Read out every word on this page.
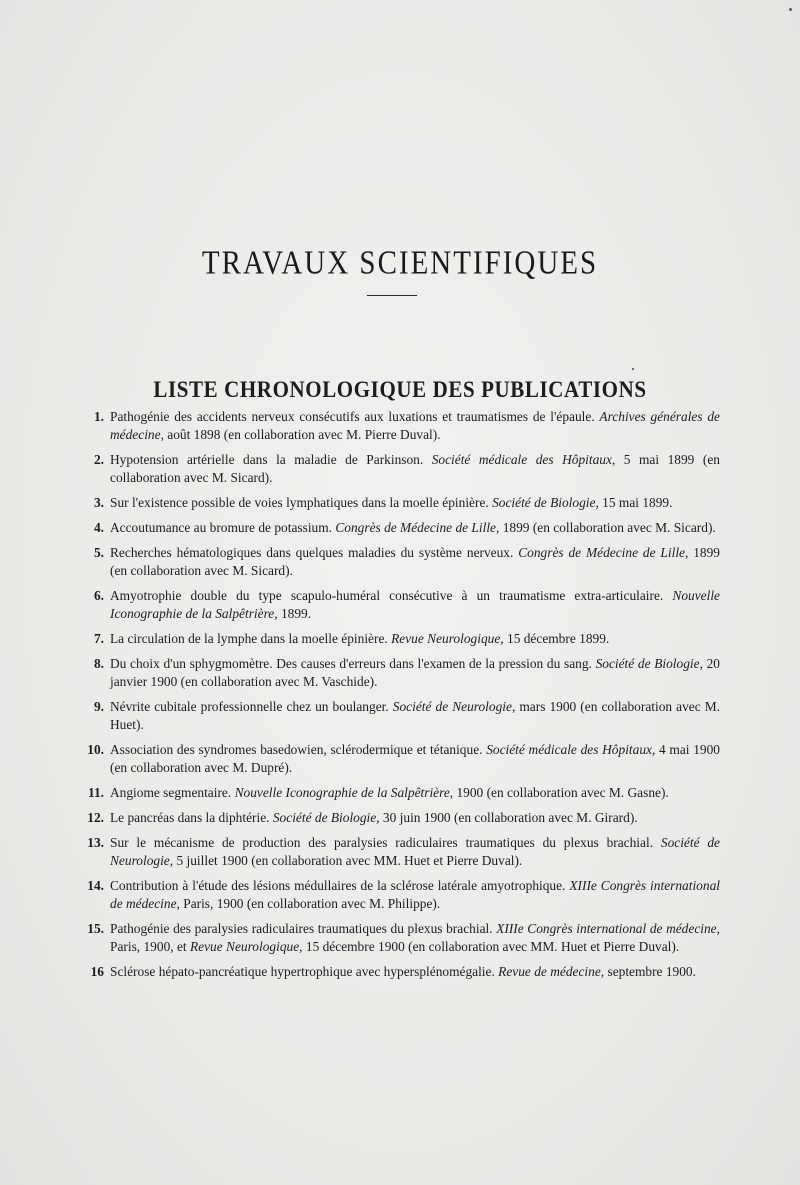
TRAVAUX SCIENTIFIQUES
LISTE CHRONOLOGIQUE DES PUBLICATIONS
1. Pathogénie des accidents nerveux consécutifs aux luxations et traumatismes de l'épaule. Archives générales de médecine, août 1898 (en collaboration avec M. Pierre Duval).
2. Hypotension artérielle dans la maladie de Parkinson. Société médicale des Hôpitaux, 5 mai 1899 (en collaboration avec M. Sicard).
3. Sur l'existence possible de voies lymphatiques dans la moelle épinière. Société de Biologie, 15 mai 1899.
4. Accoutumance au bromure de potassium. Congrès de Médecine de Lille, 1899 (en collaboration avec M. Sicard).
5. Recherches hématologiques dans quelques maladies du système nerveux. Congrès de Médecine de Lille, 1899 (en collaboration avec M. Sicard).
6. Amyotrophie double du type scapulo-huméral consécutive à un traumatisme extra-articulaire. Nouvelle Iconographie de la Salpêtrière, 1899.
7. La circulation de la lymphe dans la moelle épinière. Revue Neurologique, 15 décembre 1899.
8. Du choix d'un sphygmomètre. Des causes d'erreurs dans l'examen de la pression du sang. Société de Biologie, 20 janvier 1900 (en collaboration avec M. Vaschide).
9. Névrite cubitale professionnelle chez un boulanger. Société de Neurologie, mars 1900 (en collaboration avec M. Huet).
10. Association des syndromes basedowien, sclérodermique et tétanique. Société médicale des Hôpitaux, 4 mai 1900 (en collaboration avec M. Dupré).
11. Angiome segmentaire. Nouvelle Iconographie de la Salpêtrière, 1900 (en collaboration avec M. Gasne).
12. Le pancréas dans la diphtérie. Société de Biologie, 30 juin 1900 (en collaboration avec M. Girard).
13. Sur le mécanisme de production des paralysies radiculaires traumatiques du plexus brachial. Société de Neurologie, 5 juillet 1900 (en collaboration avec MM. Huet et Pierre Duval).
14. Contribution à l'étude des lésions médullaires de la sclérose latérale amyotrophique. XIIIe Congrès international de médecine, Paris, 1900 (en collaboration avec M. Philippe).
15. Pathogénie des paralysies radiculaires traumatiques du plexus brachial. XIIIe Congrès international de médecine, Paris, 1900, et Revue Neurologique, 15 décembre 1900 (en collaboration avec MM. Huet et Pierre Duval).
16 Sclérose hépato-pancréatique hypertrophique avec hypersplénomégalie. Revue de médecine, septembre 1900.
